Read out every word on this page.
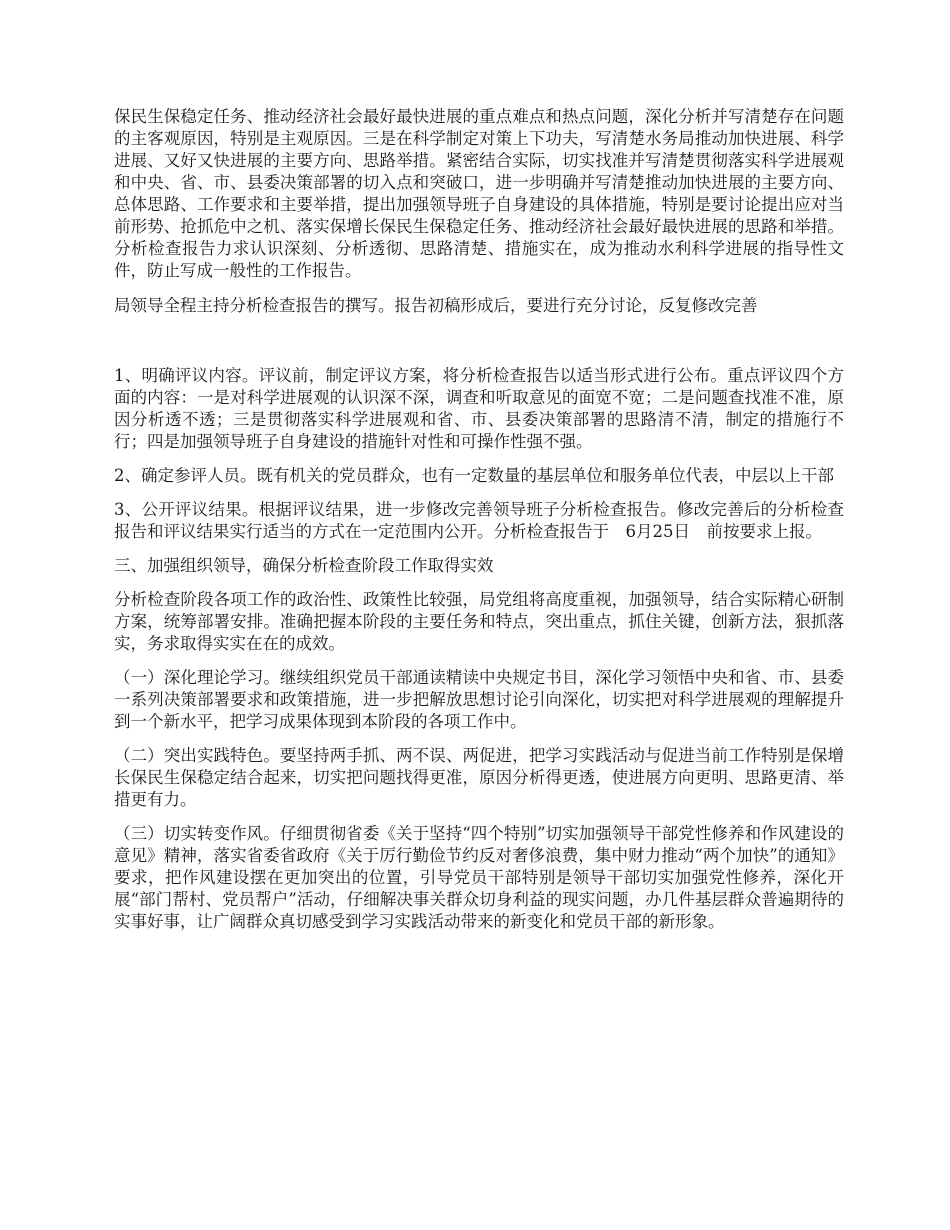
保民生保稳定任务、推动经济社会最好最快进展的重点难点和热点问题，深化分析并写清楚存在问题的主客观原因，特别是主观原因。三是在科学制定对策上下功夫，写清楚水务局推动加快进展、科学进展、又好又快进展的主要方向、思路举措。紧密结合实际，切实找准并写清楚贯彻落实科学进展观和中央、省、市、县委决策部署的切入点和突破口，进一步明确并写清楚推动加快进展的主要方向、总体思路、工作要求和主要举措，提出加强领导班子自身建设的具体措施，特别是要讨论提出应对当前形势、抢抓危中之机、落实保增长保民生保稳定任务、推动经济社会最好最快进展的思路和举措。分析检查报告力求认识深刻、分析透彻、思路清楚、措施实在，成为推动水利科学进展的指导性文件，防止写成一般性的工作报告。

局领导全程主持分析检查报告的撰写。报告初稿形成后，要进行充分讨论，反复修改完善

1、明确评议内容。评议前，制定评议方案，将分析检查报告以适当形式进行公布。重点评议四个方面的内容：一是对科学进展观的认识深不深，调查和听取意见的面宽不宽；二是问题查找准不准，原因分析透不透；三是贯彻落实科学进展观和省、市、县委决策部署的思路清不清，制定的措施行不行；四是加强领导班子自身建设的措施针对性和可操作性强不强。

2、确定参评人员。既有机关的党员群众，也有一定数量的基层单位和服务单位代表，中层以上干部

3、公开评议结果。根据评议结果，进一步修改完善领导班子分析检查报告。修改完善后的分析检查报告和评议结果实行适当的方式在一定范围内公开。分析检查报告于　6月25日　前按要求上报。

三、加强组织领导，确保分析检查阶段工作取得实效

分析检查阶段各项工作的政治性、政策性比较强，局党组将高度重视，加强领导，结合实际精心研制方案，统筹部署安排。准确把握本阶段的主要任务和特点，突出重点，抓住关键，创新方法，狠抓落实，务求取得实实在在的成效。

（一）深化理论学习。继续组织党员干部通读精读中央规定书目，深化学习领悟中央和省、市、县委一系列决策部署要求和政策措施，进一步把解放思想讨论引向深化，切实把对科学进展观的理解提升到一个新水平，把学习成果体现到本阶段的各项工作中。

（二）突出实践特色。要坚持两手抓、两不误、两促进，把学习实践活动与促进当前工作特别是保增长保民生保稳定结合起来，切实把问题找得更准，原因分析得更透，使进展方向更明、思路更清、举措更有力。

（三）切实转变作风。仔细贯彻省委《关于坚持“四个特别”切实加强领导干部党性修养和作风建设的意见》精神，落实省委省政府《关于厉行勤俭节约反对奢侈浪费，集中财力推动“两个加快”的通知》要求，把作风建设摆在更加突出的位置，引导党员干部特别是领导干部切实加强党性修养，深化开展“部门帮村、党员帮户”活动，仔细解决事关群众切身利益的现实问题，办几件基层群众普遍期待的实事好事，让广阔群众真切感受到学习实践活动带来的新变化和党员干部的新形象。
